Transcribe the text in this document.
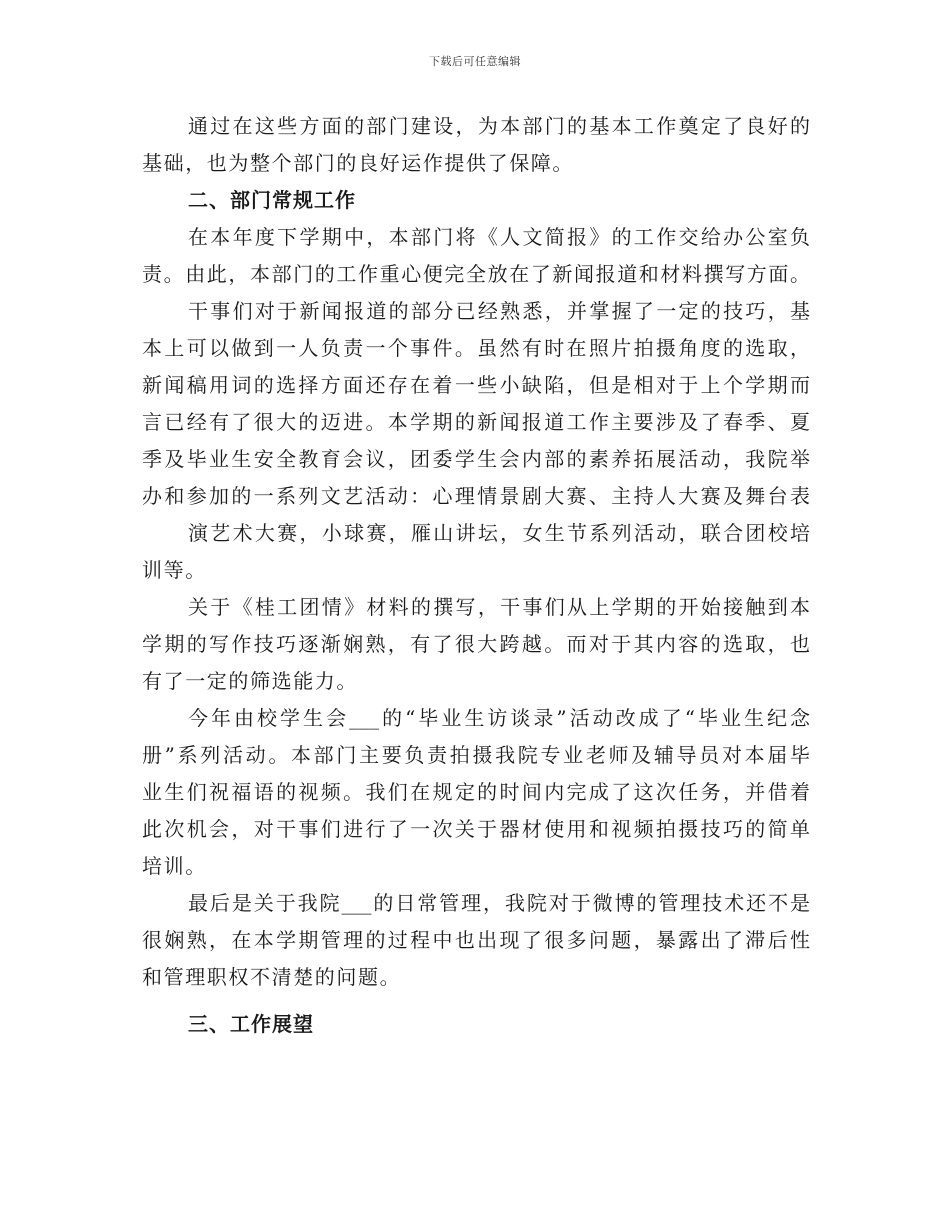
下载后可任意编辑
通过在这些方面的部门建设，为本部门的基本工作奠定了良好的
基础，也为整个部门的良好运作提供了保障。
二、部门常规工作
在本年度下学期中，本部门将《人文简报》的工作交给办公室负
责。由此，本部门的工作重心便完全放在了新闻报道和材料撰写方面。
干事们对于新闻报道的部分已经熟悉，并掌握了一定的技巧，基
本上可以做到一人负责一个事件。虽然有时在照片拍摄角度的选取，
新闻稿用词的选择方面还存在着一些小缺陷，但是相对于上个学期而
言已经有了很大的迈进。本学期的新闻报道工作主要涉及了春季、夏
季及毕业生安全教育会议，团委学生会内部的素养拓展活动，我院举
办和参加的一系列文艺活动：心理情景剧大赛、主持人大赛及舞台表
演艺术大赛，小球赛，雁山讲坛，女生节系列活动，联合团校培
训等。
关于《桂工团情》材料的撰写，干事们从上学期的开始接触到本
学期的写作技巧逐渐娴熟，有了很大跨越。而对于其内容的选取，也
有了一定的筛选能力。
今年由校学生会___的“毕业生访谈录”活动改成了“毕业生纪念
册”系列活动。本部门主要负责拍摄我院专业老师及辅导员对本届毕
业生们祝福语的视频。我们在规定的时间内完成了这次任务，并借着
此次机会，对干事们进行了一次关于器材使用和视频拍摄技巧的简单
培训。
最后是关于我院___的日常管理，我院对于微博的管理技术还不是
很娴熟，在本学期管理的过程中也出现了很多问题，暴露出了滞后性
和管理职权不清楚的问题。
三、工作展望
